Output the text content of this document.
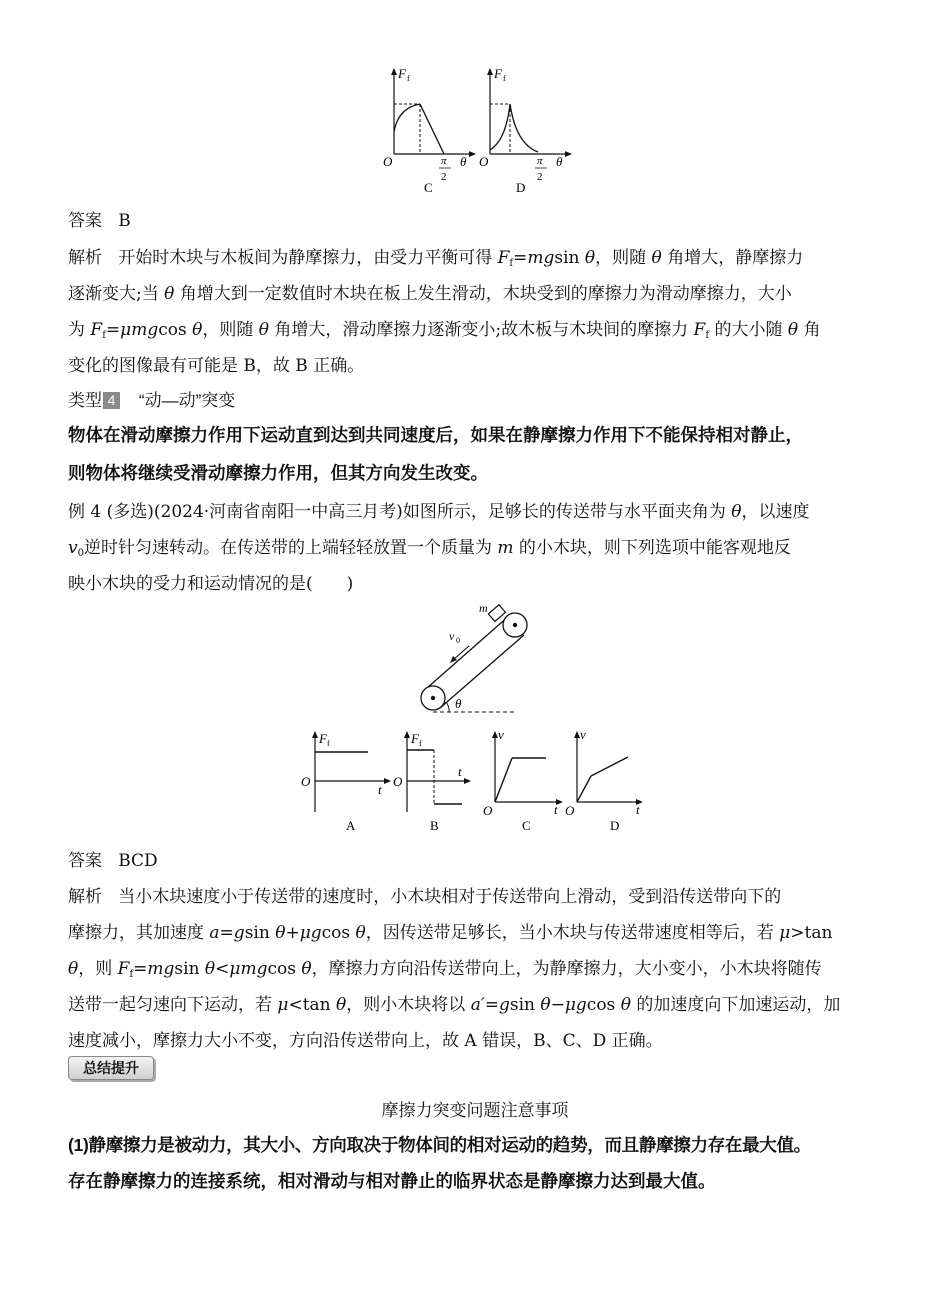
F f
O	π
2
θ
C
F f
O	π
2
θ
D
答案 B
解析 开始时木块与木板间为静摩擦力，由受力平衡可得 $F_f=mgsin$ θ，则随 θ 角增大，静摩擦力
逐渐变大;当 θ 角增大到一定数值时木块在板上发生滑动，木块受到的摩擦力为滑动摩擦力，大小
为 $F_f=\mu mgcos$ θ，则随 θ 角增大，滑动摩擦力逐渐变小;故木板与木块间的摩擦力 $F_f$ 的大小随 θ 角
变化的图像最有可能是 B，故 B 正确。
类型 4 “动—动”突变
物体在滑动摩擦力作用下运动直到达到共同速度后，如果在静摩擦力作用下不能保持相对静止，
则物体将继续受滑动摩擦力作用，但其方向发生改变。
例 4 (多选)(2024·河南省南阳一中高三月考)如图所示，足够长的传送带与水平面夹角为 θ，以速度
$v_0$逆时针匀速转动。在传送带的上端轻轻放置一个质量为 m 的小木块，则下列选项中能客观地反
映小木块的受力和运动情况的是(　　)
m
v 0
θ
F f
O
t
A
F f
O
t
B
v
O	t
C
v
O	t
D
答案 BCD
解析 当小木块速度小于传送带的速度时，小木块相对于传送带向上滑动，受到沿传送带向下的
摩擦力，其加速度 a=gsin θ+μgcos θ，因传送带足够长，当小木块与传送带速度相等后，若 μ>tan
θ，则 $F_f=mgsin$ θ<μmgcos θ，摩擦力方向沿传送带向上，为静摩擦力，大小变小，小木块将随传
送带一起匀速向下运动，若 μ<tan θ，则小木块将以 a′=gsin θ−μgcos θ 的加速度向下加速运动，加
速度减小，摩擦力大小不变，方向沿传送带向上，故 A 错误，B、C、D 正确。
总结提升
摩擦力突变问题注意事项
(1)静摩擦力是被动力，其大小、方向取决于物体间的相对运动的趋势，而且静摩擦力存在最大值。
存在静摩擦力的连接系统，相对滑动与相对静止的临界状态是静摩擦力达到最大值。
